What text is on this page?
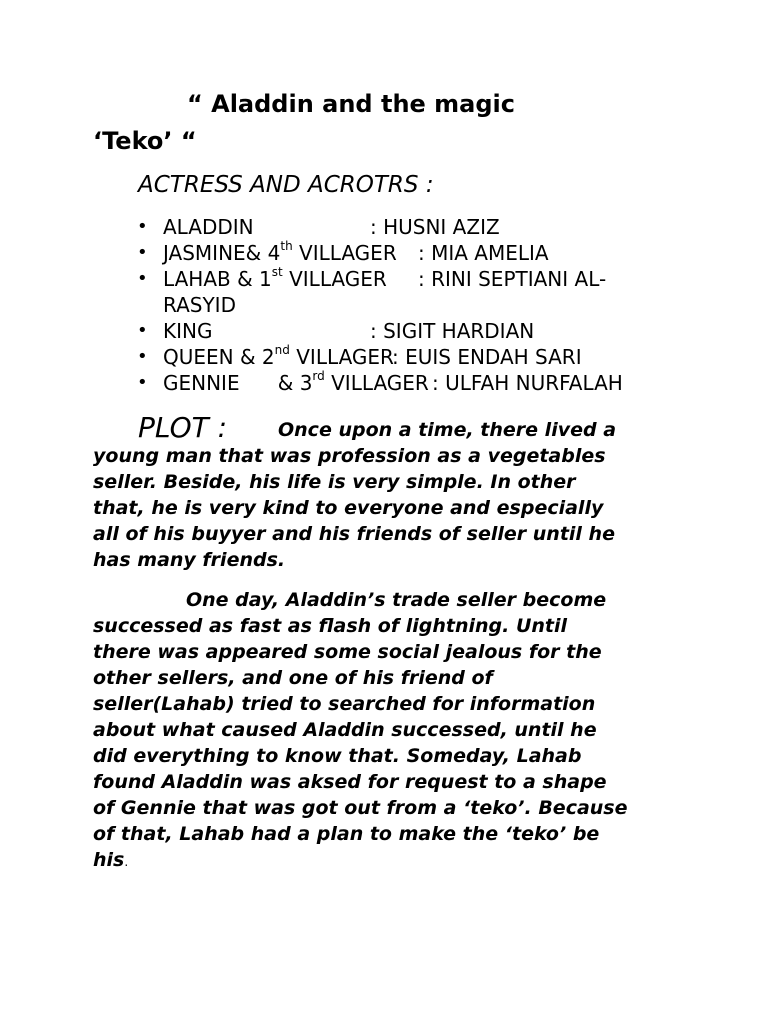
“ Aladdin and the magic
‘Teko’ “
ACTRESS AND ACROTRS :
• ALADDIN	: HUSNI AZIZ
• JASMINE& 4th VILLAGER : MIA AMELIA
• LAHAB & 1st VILLAGER : RINI SEPTIANI AL-
RASYID
• KING	: SIGIT HARDIAN
• QUEEN & 2nd VILLAGER
: EUIS ENDAH SARI
• GENNIE      & 3rd VILLAGER : ULFAH NURFALAH
PLOT :	Once upon a time, there lived a
young man that was profession as a vegetables
seller. Beside, his life is very simple. In other
that, he is very kind to everyone and especially
all of his buyyer and his friends of seller until he
has many friends.
One day, Aladdin’s trade seller become
successed as fast as flash of lightning. Until
there was appeared some social jealous for the
other sellers, and one of his friend of
seller(Lahab) tried to searched for information
about what caused Aladdin successed, until he
did everything to know that. Someday, Lahab
found Aladdin was aksed for request to a shape
of Gennie that was got out from a ‘teko’. Because
of that, Lahab had a plan to make the ‘teko’ be
his.
